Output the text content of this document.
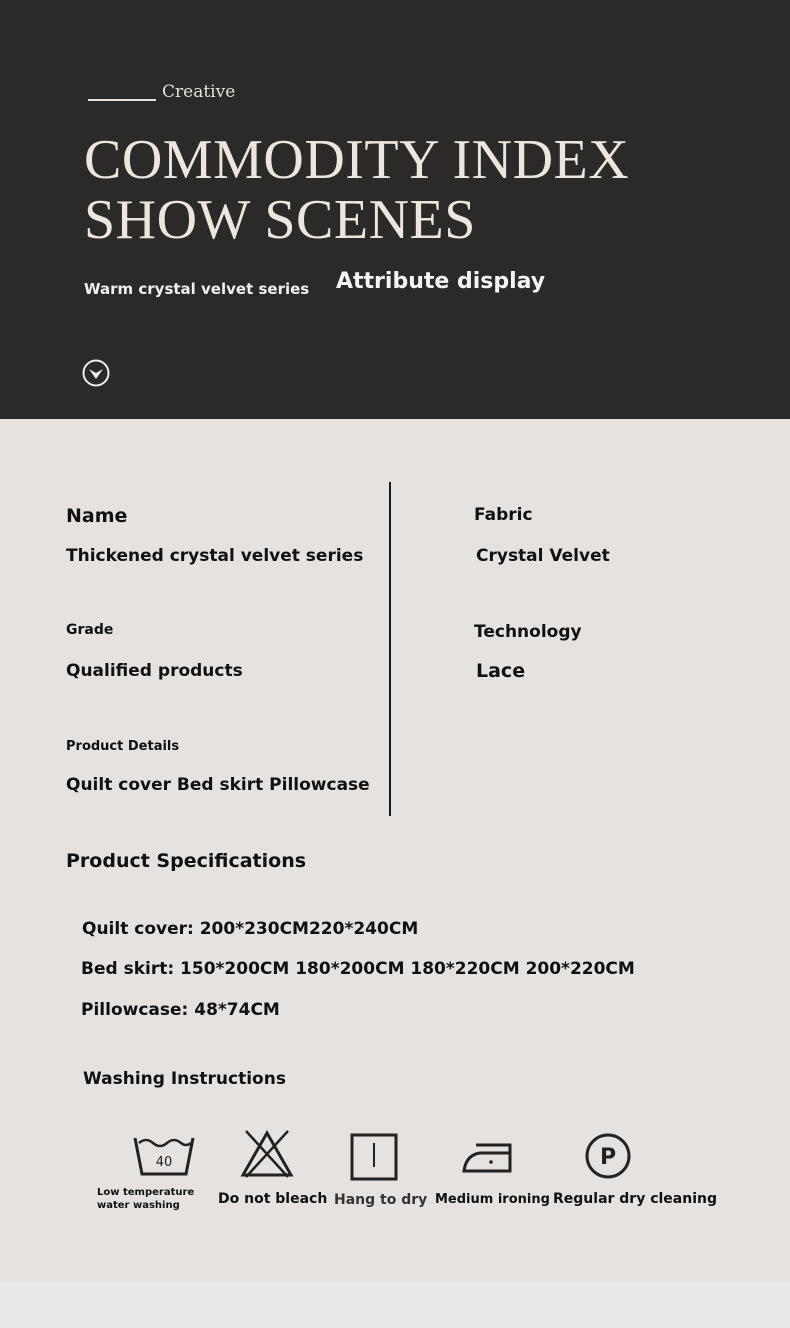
Creative
COMMODITY INDEX
SHOW SCENES
Warm crystal velvet series Attribute display
Name
Thickened crystal velvet series
Fabric
Crystal Velvet
Grade
Qualified products
Technology
Lace
Product Details
Quilt cover Bed skirt Pillowcase
Product Specifications
Quilt cover: 200*230CM220*240CM
Bed skirt: 150*200CM 180*200CM 180*220CM 200*220CM
Pillowcase: 48*74CM
Washing Instructions
40
Low temperature water washing	Do not bleach Hang to dry Medium ironing
P
Regular dry cleaning
